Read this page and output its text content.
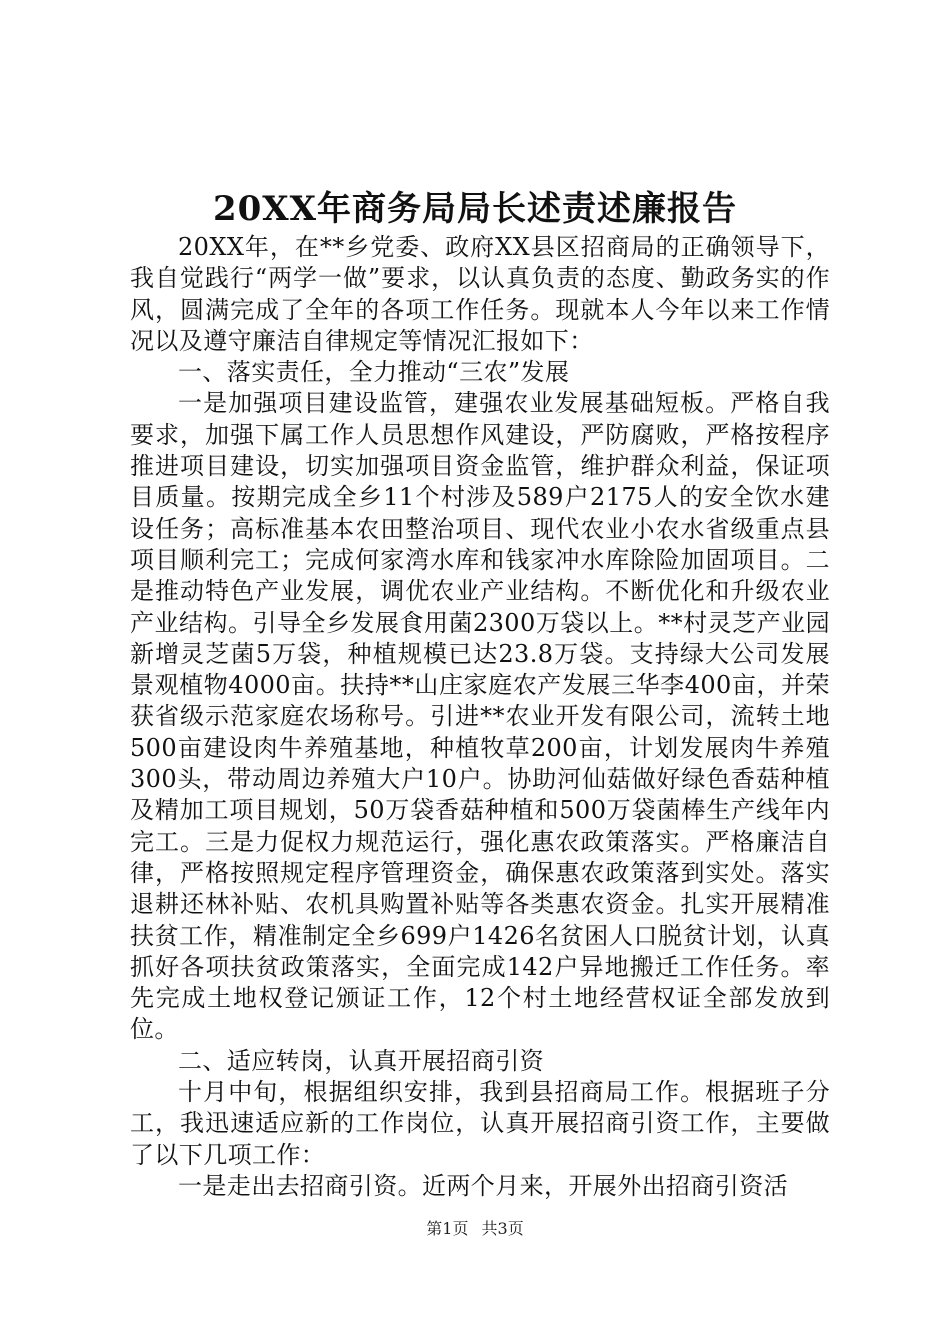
20XX年商务局局长述责述廉报告

20XX年，在**乡党委、政府XX县区招商局的正确领导下，我自觉践行“两学一做”要求，以认真负责的态度、勤政务实的作风，圆满完成了全年的各项工作任务。现就本人今年以来工作情况以及遵守廉洁自律规定等情况汇报如下：

一、落实责任，全力推动“三农”发展

一是加强项目建设监管，建强农业发展基础短板。严格自我要求，加强下属工作人员思想作风建设，严防腐败，严格按程序推进项目建设，切实加强项目资金监管，维护群众利益，保证项目质量。按期完成全乡11个村涉及589户2175人的安全饮水建设任务；高标准基本农田整治项目、现代农业小农水省级重点县项目顺利完工；完成何家湾水库和钱家冲水库除险加固项目。二是推动特色产业发展，调优农业产业结构。不断优化和升级农业产业结构。引导全乡发展食用菌2300万袋以上。**村灵芝产业园新增灵芝菌5万袋，种植规模已达23.8万袋。支持绿大公司发展景观植物4000亩。扶持**山庄家庭农产发展三华李400亩，并荣获省级示范家庭农场称号。引进**农业开发有限公司，流转土地500亩建设肉牛养殖基地，种植牧草200亩，计划发展肉牛养殖300头，带动周边养殖大户10户。协助河仙菇做好绿色香菇种植及精加工项目规划，50万袋香菇种植和500万袋菌棒生产线年内完工。三是力促权力规范运行，强化惠农政策落实。严格廉洁自律，严格按照规定程序管理资金，确保惠农政策落到实处。落实退耕还林补贴、农机具购置补贴等各类惠农资金。扎实开展精准扶贫工作，精准制定全乡699户1426名贫困人口脱贫计划，认真抓好各项扶贫政策落实，全面完成142户异地搬迁工作任务。率先完成土地权登记颁证工作，12个村土地经营权证全部发放到位。

二、适应转岗，认真开展招商引资

十月中旬，根据组织安排，我到县招商局工作。根据班子分工，我迅速适应新的工作岗位，认真开展招商引资工作，主要做了以下几项工作：

一是走出去招商引资。近两个月来，开展外出招商引资活

第1页 共3页
